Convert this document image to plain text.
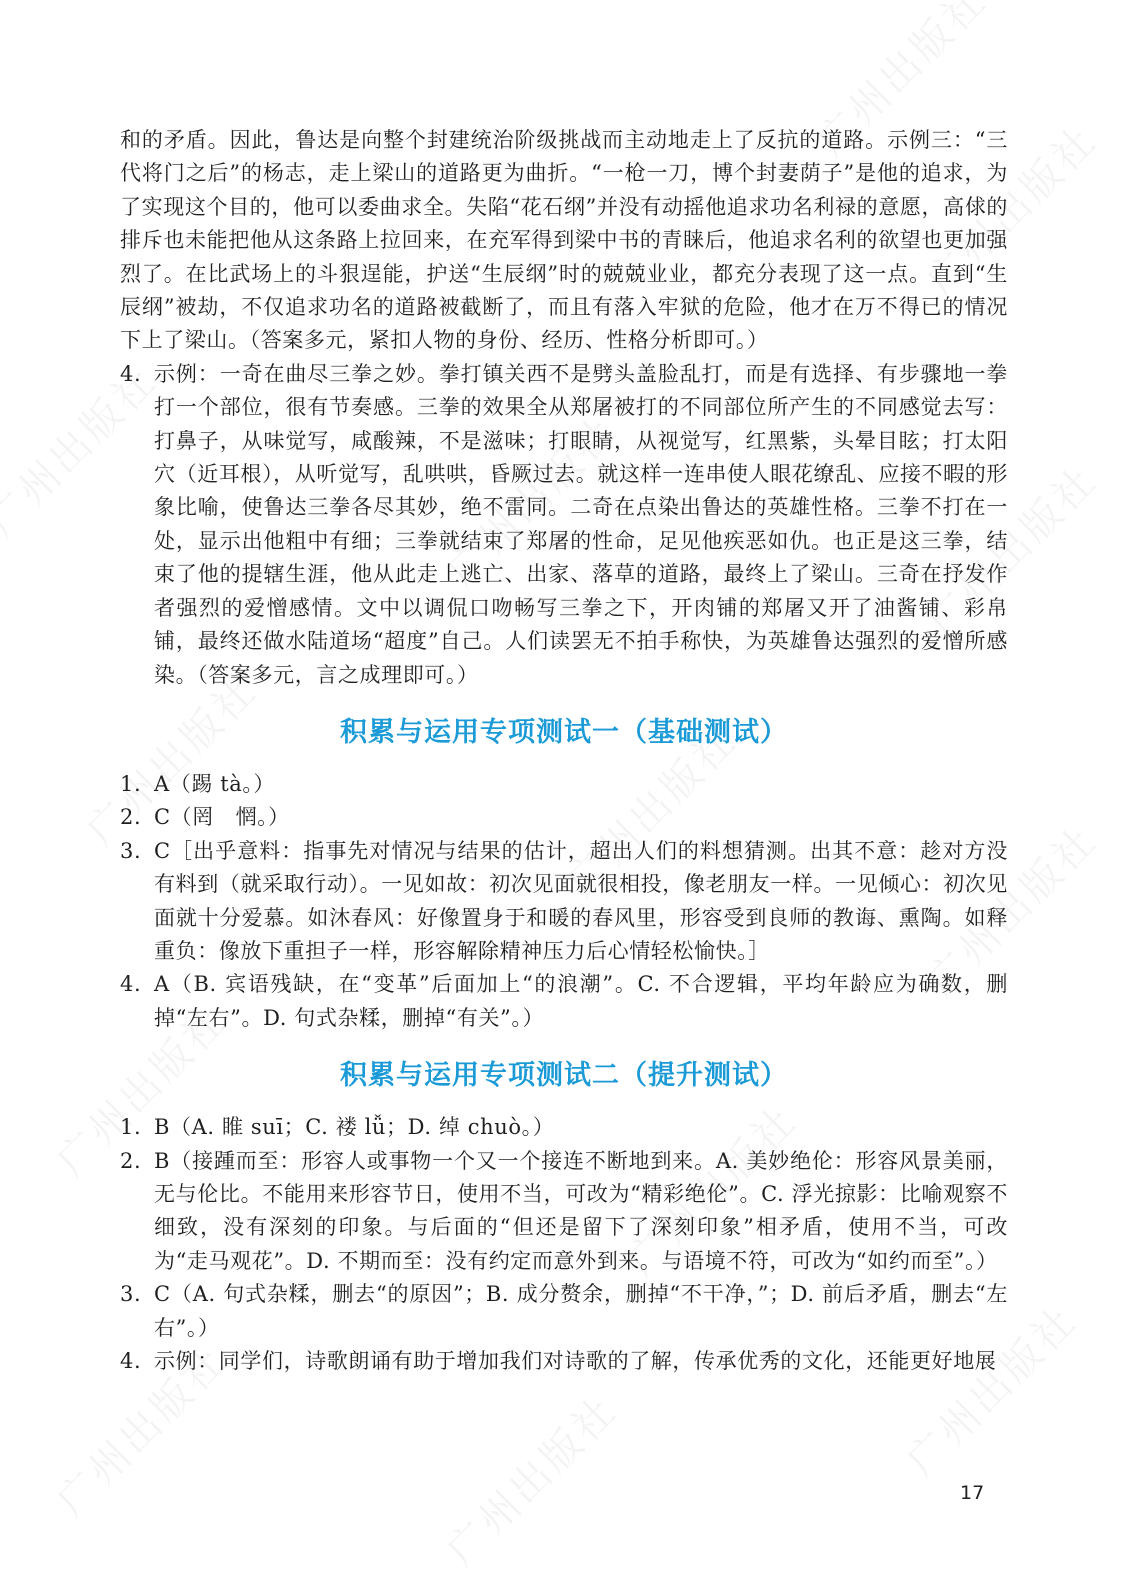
和的矛盾。因此，鲁达是向整个封建统治阶级挑战而主动地走上了反抗的道路。示例三：“三代将门之后”的杨志，走上梁山的道路更为曲折。“一枪一刀，博个封妻荫子”是他的追求，为了实现这个目的，他可以委曲求全。失陷“花石纲”并没有动摇他追求功名利禄的意愿，高俅的排斥也未能把他从这条路上拉回来，在充军得到梁中书的青睐后，他追求名利的欲望也更加强烈了。在比武场上的斗狠逞能，护送“生辰纲”时的兢兢业业，都充分表现了这一点。直到“生辰纲”被劫，不仅追求功名的道路被截断了，而且有落入牢狱的危险，他才在万不得已的情况下上了梁山。（答案多元，紧扣人物的身份、经历、性格分析即可。）

4. 示例：一奇在曲尽三拳之妙。拳打镇关西不是劈头盖脸乱打，而是有选择、有步骤地一拳打一个部位，很有节奏感。三拳的效果全从郑屠被打的不同部位所产生的不同感觉去写：打鼻子，从味觉写，咸酸辣，不是滋味；打眼睛，从视觉写，红黑紫，头晕目眩；打太阳穴（近耳根），从听觉写，乱哄哄，昏厥过去。就这样一连串使人眼花缭乱、应接不暇的形象比喻，使鲁达三拳各尽其妙，绝不雷同。二奇在点染出鲁达的英雄性格。三拳不打在一处，显示出他粗中有细；三拳就结束了郑屠的性命，足见他疾恶如仇。也正是这三拳，结束了他的提辖生涯，他从此走上逃亡、出家、落草的道路，最终上了梁山。三奇在抒发作者强烈的爱憎感情。文中以调侃口吻畅写三拳之下，开肉铺的郑屠又开了油酱铺、彩帛铺，最终还做水陆道场“超度”自己。人们读罢无不拍手称快，为英雄鲁达强烈的爱憎所感染。（答案多元，言之成理即可。）
积累与运用专项测试一（基础测试）
1. A（踢 tà。）
2. C（罔　惘。）
3. C［出乎意料：指事先对情况与结果的估计，超出人们的料想猜测。出其不意：趁对方没有料到（就采取行动）。一见如故：初次见面就很相投，像老朋友一样。一见倾心：初次见面就十分爱慕。如沐春风：好像置身于和暖的春风里，形容受到良师的教诲、熏陶。如释重负：像放下重担子一样，形容解除精神压力后心情轻松愉快。］
4. A（B. 宾语残缺，在“变革”后面加上“的浪潮”。C. 不合逻辑，平均年龄应为确数，删掉“左右”。D. 句式杂糅，删掉“有关”。）
积累与运用专项测试二（提升测试）
1. B（A. 睢 suī；C. 褛 lǚ；D. 绰 chuò。）
2. B（接踵而至：形容人或事物一个又一个接连不断地到来。A. 美妙绝伦：形容风景美丽，无与伦比。不能用来形容节日，使用不当，可改为“精彩绝伦”。C. 浮光掠影：比喻观察不细致，没有深刻的印象。与后面的“但还是留下了深刻印象”相矛盾，使用不当，可改为“走马观花”。D. 不期而至：没有约定而意外到来。与语境不符，可改为“如约而至”。）
3. C（A. 句式杂糅，删去“的原因”；B. 成分赘余，删掉“不干净，”；D. 前后矛盾，删去“左右”。）
4. 示例：同学们，诗歌朗诵有助于增加我们对诗歌的了解，传承优秀的文化，还能更好地展
17
